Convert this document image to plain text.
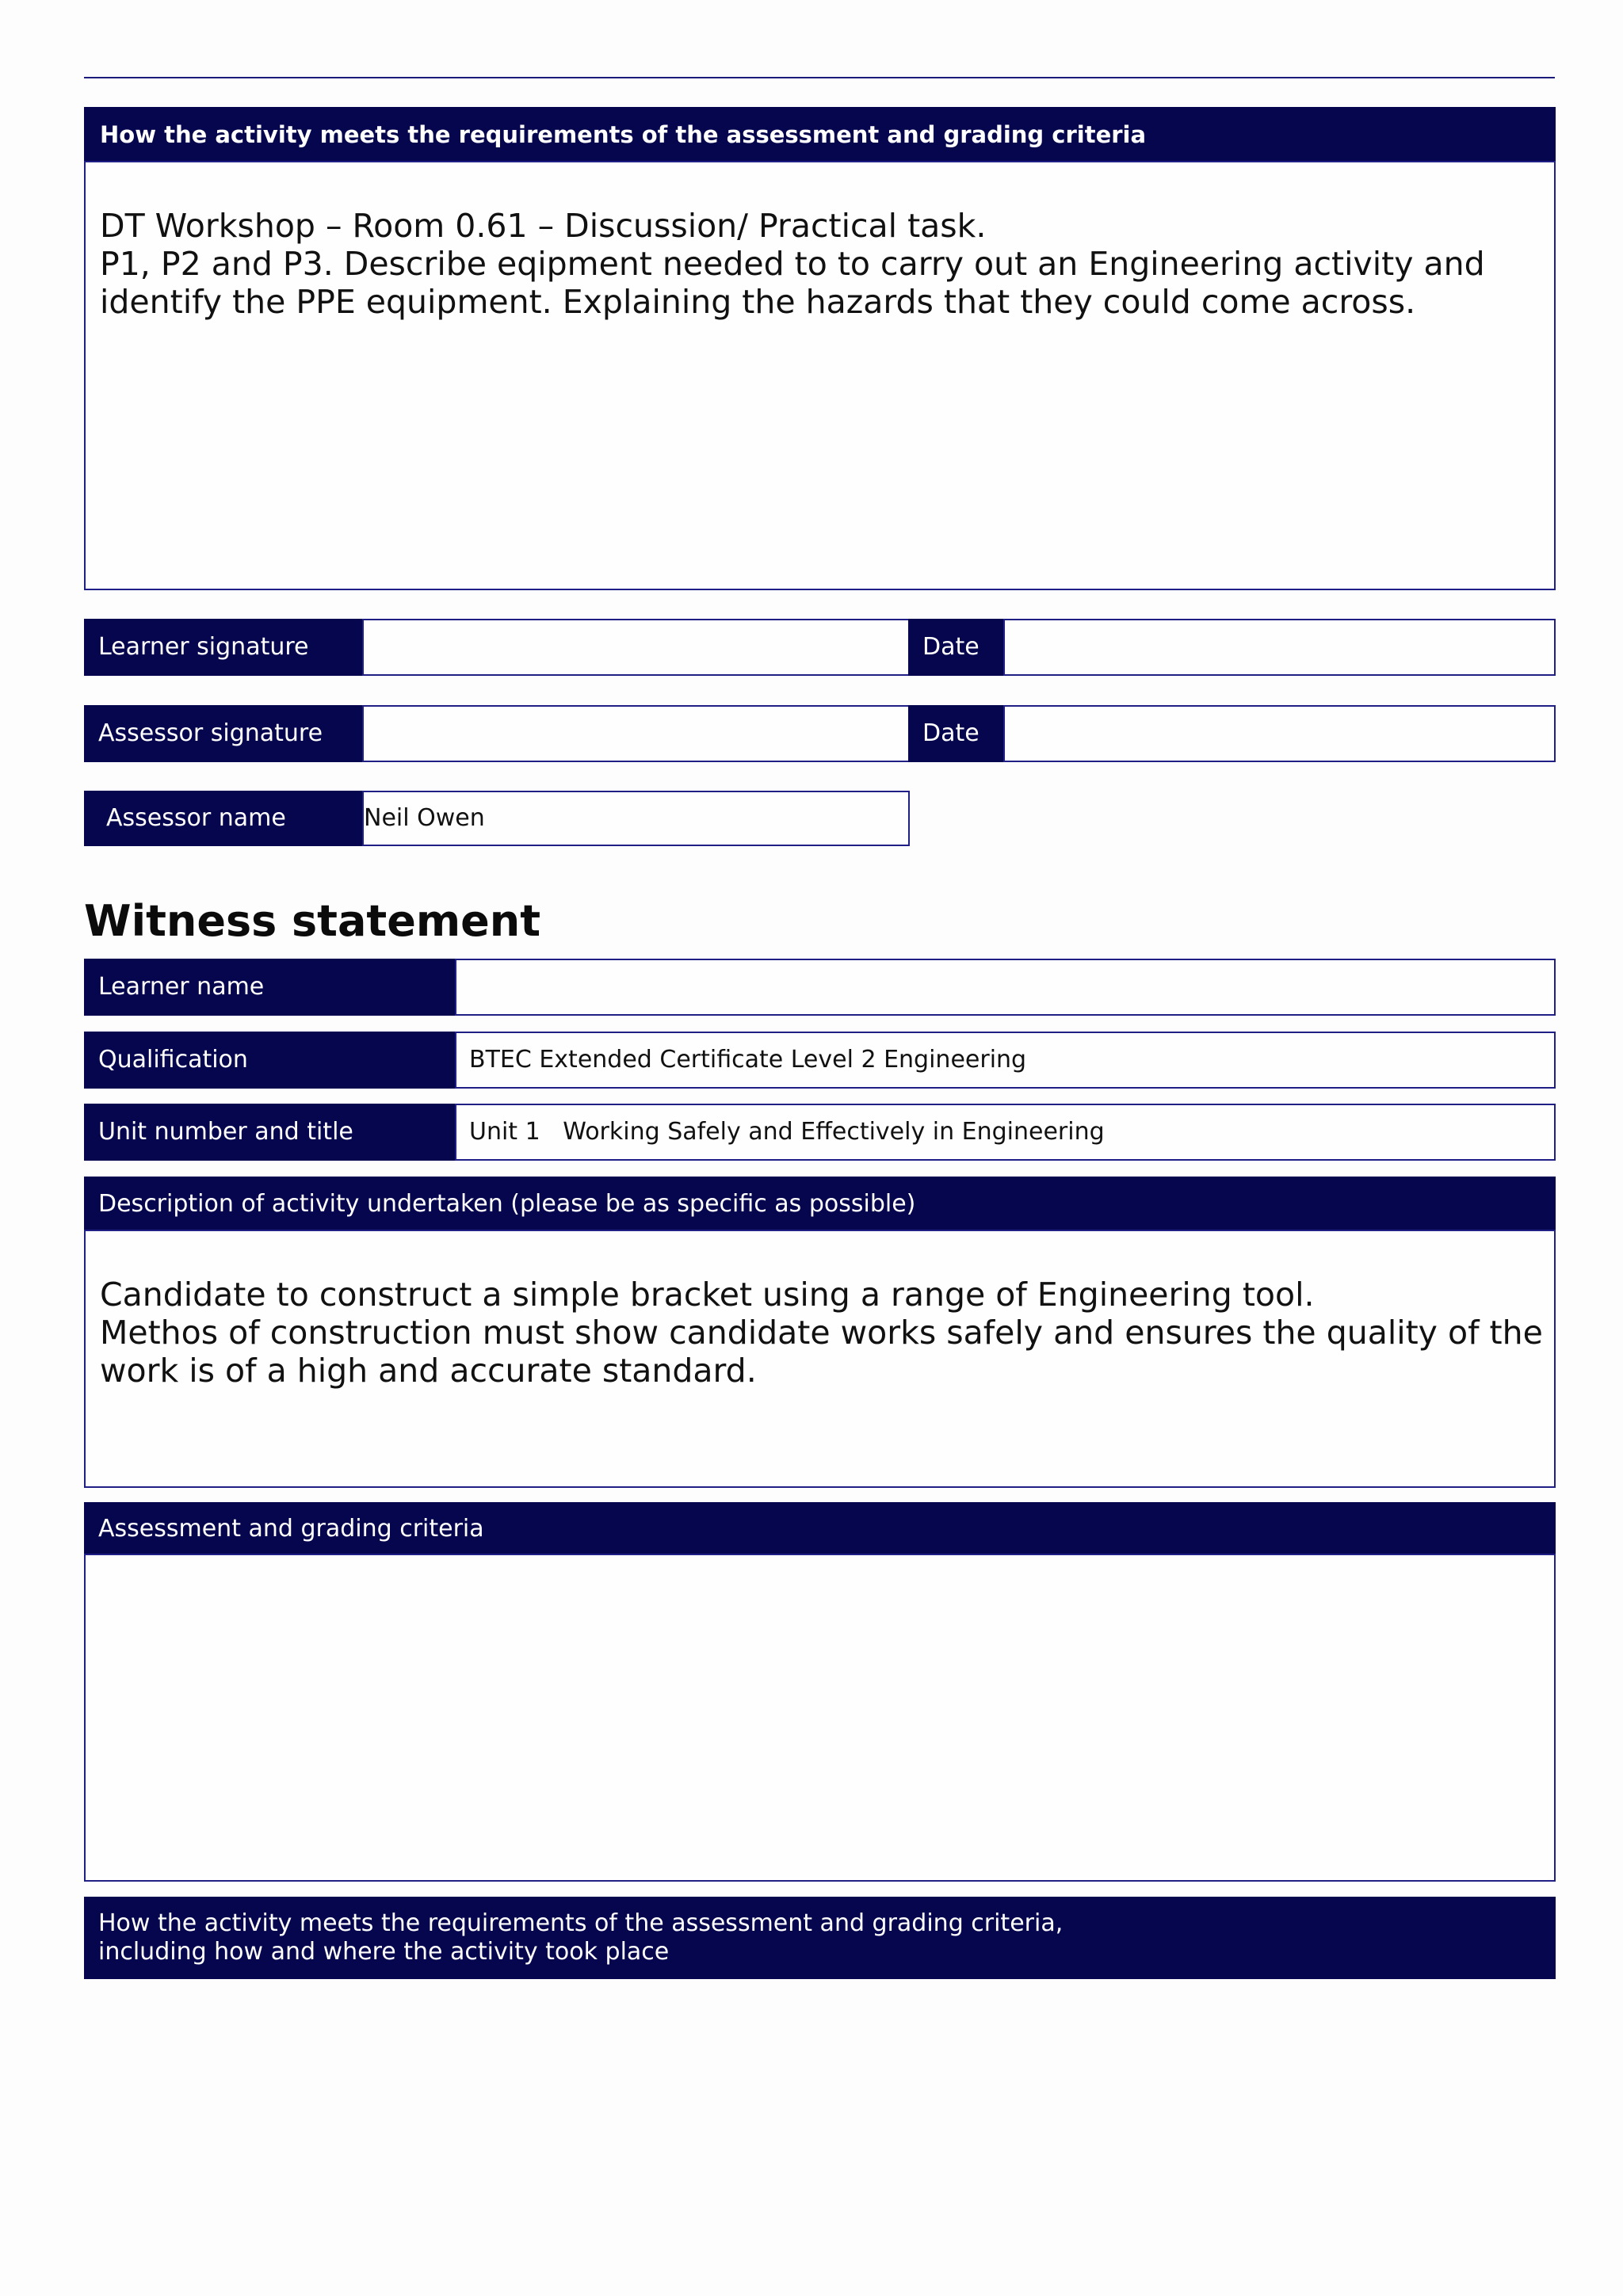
How the activity meets the requirements of the assessment and grading criteria
DT Workshop – Room 0.61 – Discussion/ Practical task.
P1, P2 and P3. Describe eqipment needed to to carry out an Engineering activity and identify the PPE equipment. Explaining the hazards that they could come across.
Learner signature	Date
Assessor signature	Date
Assessor name	Neil Owen
Witness statement
Learner name
Qualification	BTEC Extended Certificate Level 2 Engineering
Unit number and title	Unit 1   Working Safely and Effectively in Engineering
Description of activity undertaken (please be as specific as possible)
Candidate to construct a simple bracket using a range of Engineering tool.
Methos of construction must show candidate works safely and ensures the quality of the work is of a high and accurate standard.
Assessment and grading criteria
How the activity meets the requirements of the assessment and grading criteria,
including how and where the activity took place
